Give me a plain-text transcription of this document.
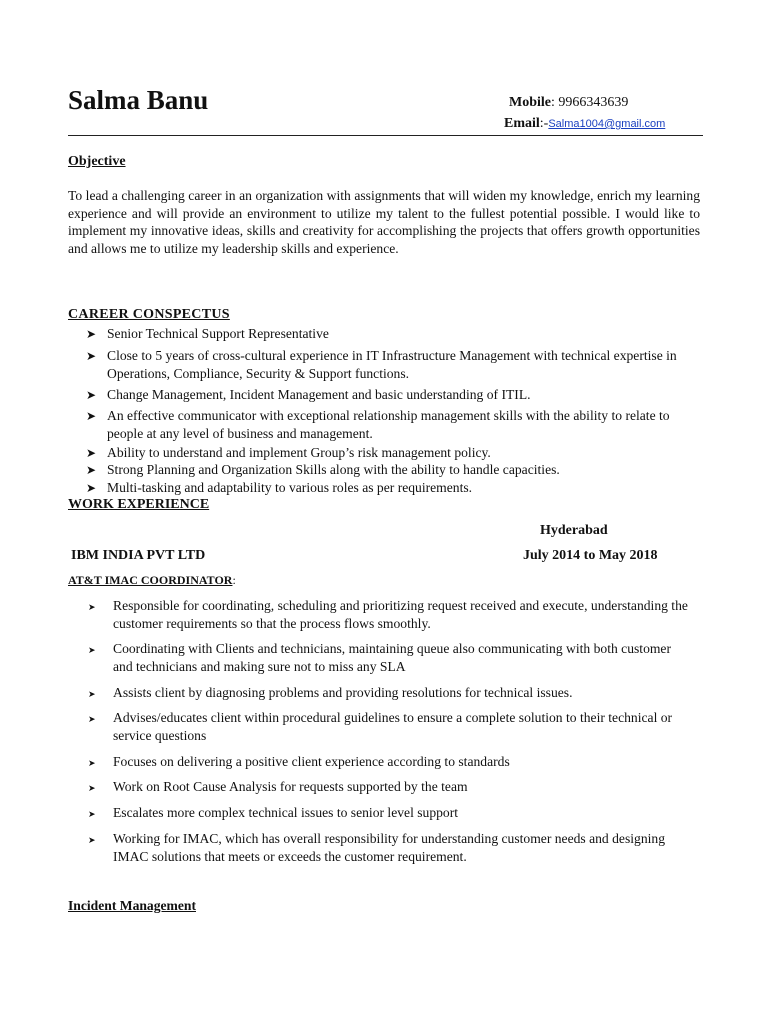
Salma Banu	Mobile: 9966343639
Email:-Salma1004@gmail.com
Objective
To lead a challenging career in an organization with assignments that will widen my knowledge, enrich my learning experience and will provide an environment to utilize my talent to the fullest potential possible. I would like to implement my innovative ideas, skills and creativity for accomplishing the projects that offers growth opportunities and allows me to utilize my leadership skills and experience.
CAREER CONSPECTUS
➤ Senior Technical Support Representative
➤ Close to 5 years of cross-cultural experience in IT Infrastructure Management with technical expertise in Operations, Compliance, Security & Support functions.
➤ Change Management, Incident Management and basic understanding of ITIL.
➤ An effective communicator with exceptional relationship management skills with the ability to relate to people at any level of business and management.
➤ Ability to understand and implement Group’s risk management policy.
➤ Strong Planning and Organization Skills along with the ability to handle capacities.
➤ Multi-tasking and adaptability to various roles as per requirements.
WORK EXPERIENCE
Hyderabad
IBM INDIA PVT LTD	July 2014 to May 2018
AT&T IMAC COORDINATOR:
➤ Responsible for coordinating, scheduling and prioritizing request received and execute, understanding the customer requirements so that the process flows smoothly.
➤ Coordinating with Clients and technicians, maintaining queue also communicating with both customer and technicians and making sure not to miss any SLA
➤ Assists client by diagnosing problems and providing resolutions for technical issues.
➤ Advises/educates client within procedural guidelines to ensure a complete solution to their technical or service questions
➤ Focuses on delivering a positive client experience according to standards
➤ Work on Root Cause Analysis for requests supported by the team
➤ Escalates more complex technical issues to senior level support
➤ Working for IMAC, which has overall responsibility for understanding customer needs and designing IMAC solutions that meets or exceeds the customer requirement.
Incident Management
